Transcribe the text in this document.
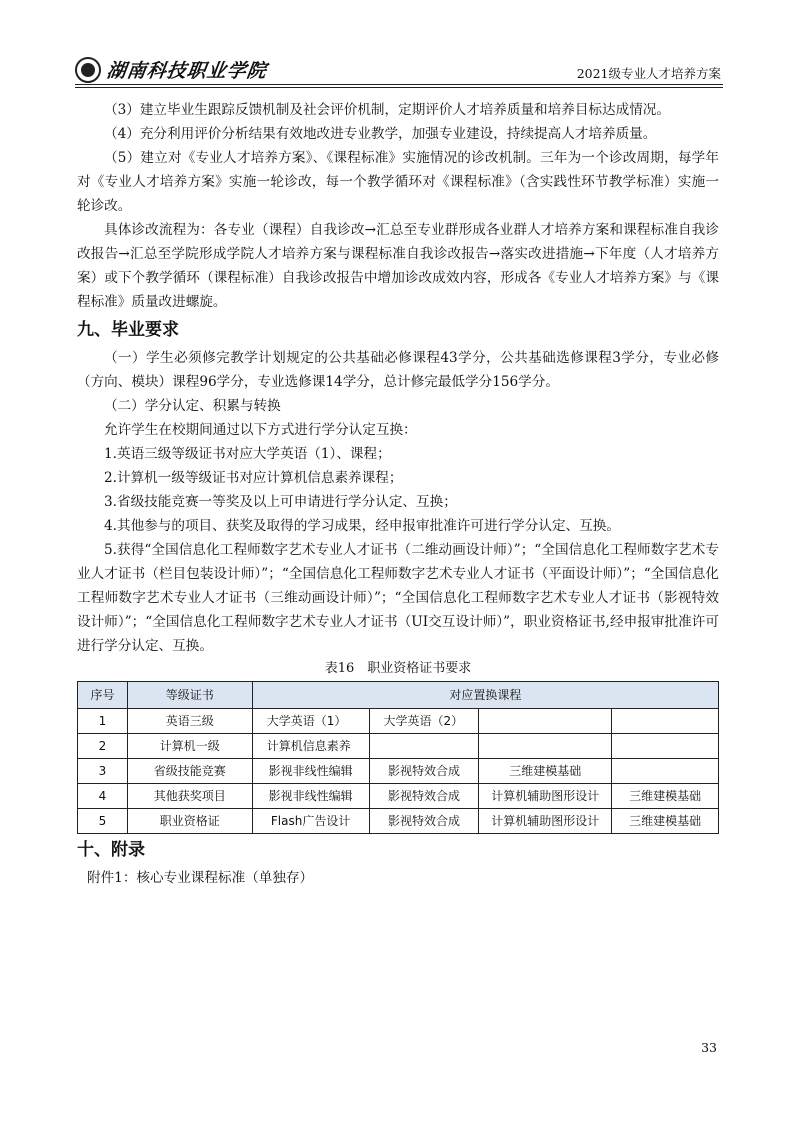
湖南科技职业学院	2021级专业人才培养方案

（3）建立毕业生跟踪反馈机制及社会评价机制，定期评价人才培养质量和培养目标达成情况。

（4）充分利用评价分析结果有效地改进专业教学，加强专业建设，持续提高人才培养质量。

（5）建立对《专业人才培养方案》、《课程标准》实施情况的诊改机制。三年为一个诊改周期，每学年对《专业人才培养方案》实施一轮诊改，每一个教学循环对《课程标准》（含实践性环节教学标准）实施一轮诊改。

具体诊改流程为：各专业（课程）自我诊改→汇总至专业群形成各业群人才培养方案和课程标准自我诊改报告→汇总至学院形成学院人才培养方案与课程标准自我诊改报告→落实改进措施→下年度（人才培养方案）或下个教学循环（课程标准）自我诊改报告中增加诊改成效内容，形成各《专业人才培养方案》与《课程标准》质量改进螺旋。

九、毕业要求

（一）学生必须修完教学计划规定的公共基础必修课程43学分，公共基础选修课程3学分，专业必修（方向、模块）课程96学分，专业选修课14学分，总计修完最低学分156学分。

（二）学分认定、积累与转换

允许学生在校期间通过以下方式进行学分认定互换：

1.英语三级等级证书对应大学英语（1）、课程；

2.计算机一级等级证书对应计算机信息素养课程；

3.省级技能竞赛一等奖及以上可申请进行学分认定、互换；

4.其他参与的项目、获奖及取得的学习成果，经申报审批准许可进行学分认定、互换。

5.获得“全国信息化工程师数字艺术专业人才证书（二维动画设计师）”；“全国信息化工程师数字艺术专业人才证书（栏目包装设计师）”；“全国信息化工程师数字艺术专业人才证书（平面设计师）”；“全国信息化工程师数字艺术专业人才证书（三维动画设计师）”；“全国信息化工程师数字艺术专业人才证书（影视特效设计师）”；“全国信息化工程师数字艺术专业人才证书（UI交互设计师）”，职业资格证书,经申报审批准许可进行学分认定、互换。

表16　职业资格证书要求

序号	等级证书	对应置换课程			
1	英语三级	大学英语（1）	大学英语（2）		
2	计算机一级	计算机信息素养			
3	省级技能竞赛	影视非线性编辑	影视特效合成	三维建模基础	
4	其他获奖项目	影视非线性编辑	影视特效合成	计算机辅助图形设计	三维建模基础
5	职业资格证	Flash广告设计	影视特效合成	计算机辅助图形设计	三维建模基础
十、附录

附件1：核心专业课程标准（单独存）

33
